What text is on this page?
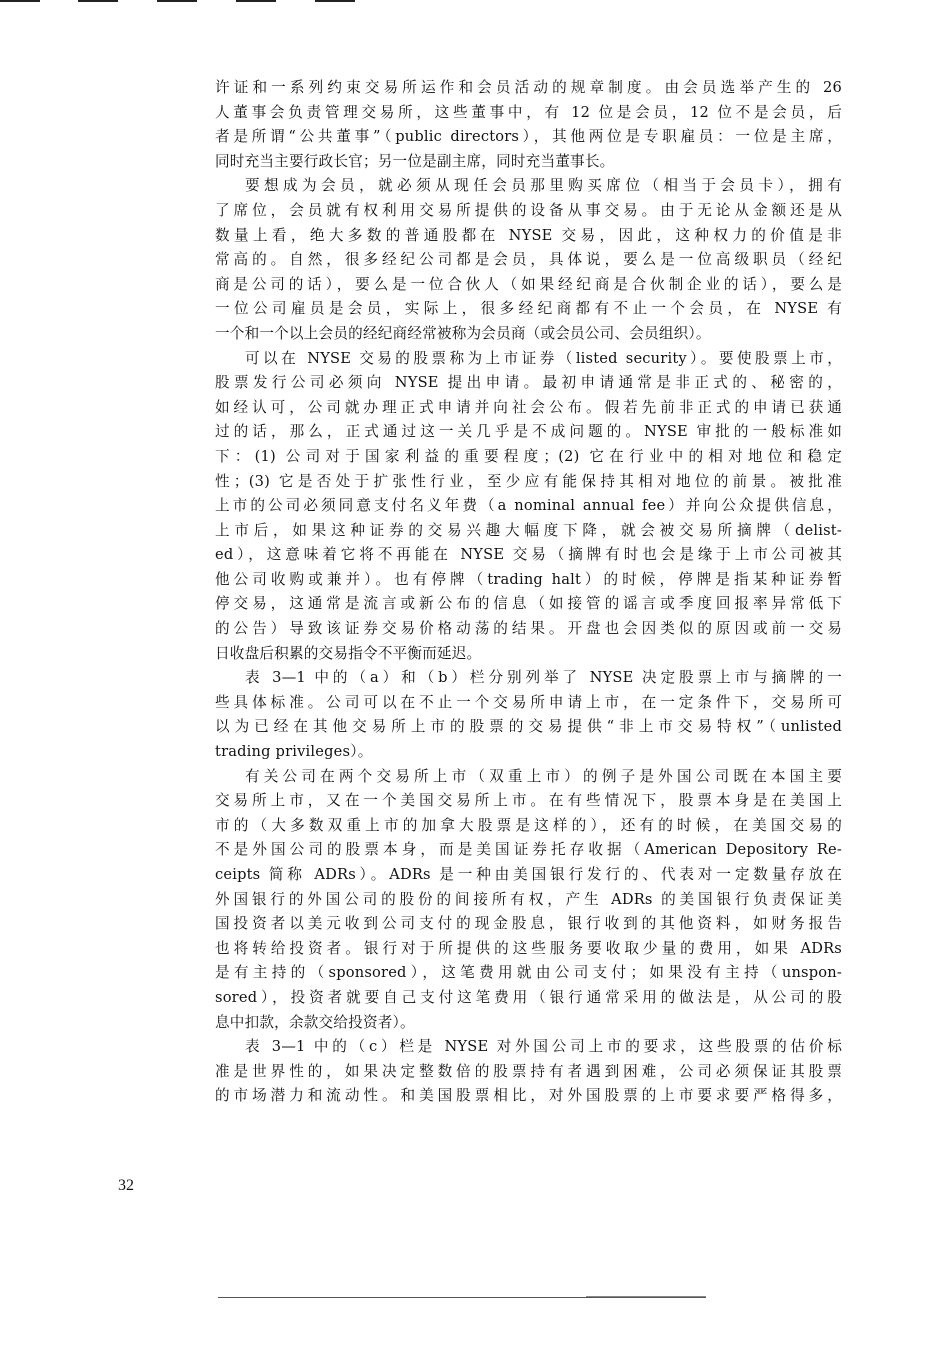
许证和一系列约束交易所运作和会员活动的规章制度。由会员选举产生的 26
人董事会负责管理交易所，这些董事中，有 12 位是会员，12 位不是会员，后
者是所谓“公共董事”（public directors），其他两位是专职雇员：一位是主席，
同时充当主要行政长官；另一位是副主席，同时充当董事长。
要想成为会员，就必须从现任会员那里购买席位（相当于会员卡），拥有
了席位，会员就有权利用交易所提供的设备从事交易。由于无论从金额还是从
数量上看，绝大多数的普通股都在 NYSE 交易，因此，这种权力的价值是非
常高的。自然，很多经纪公司都是会员，具体说，要么是一位高级职员（经纪
商是公司的话），要么是一位合伙人（如果经纪商是合伙制企业的话），要么是
一位公司雇员是会员，实际上，很多经纪商都有不止一个会员，在 NYSE 有
一个和一个以上会员的经纪商经常被称为会员商（或会员公司、会员组织）。
可以在 NYSE 交易的股票称为上市证券（listed security）。要使股票上市，
股票发行公司必须向 NYSE 提出申请。最初申请通常是非正式的、秘密的，
如经认可，公司就办理正式申请并向社会公布。假若先前非正式的申请已获通
过的话，那么，正式通过这一关几乎是不成问题的。NYSE 审批的一般标准如
下：(1) 公司对于国家利益的重要程度；(2) 它在行业中的相对地位和稳定
性；(3) 它是否处于扩张性行业，至少应有能保持其相对地位的前景。被批准
上市的公司必须同意支付名义年费（a nominal annual fee）并向公众提供信息，
上市后，如果这种证券的交易兴趣大幅度下降，就会被交易所摘牌（delist-
ed），这意味着它将不再能在 NYSE 交易（摘牌有时也会是缘于上市公司被其
他公司收购或兼并）。也有停牌（trading halt）的时候，停牌是指某种证券暂
停交易，这通常是流言或新公布的信息（如接管的谣言或季度回报率异常低下
的公告）导致该证券交易价格动荡的结果。开盘也会因类似的原因或前一交易
日收盘后积累的交易指令不平衡而延迟。
表 3—1 中的（a）和（b）栏分别列举了 NYSE 决定股票上市与摘牌的一
些具体标准。公司可以在不止一个交易所申请上市，在一定条件下，交易所可
以为已经在其他交易所上市的股票的交易提供“非上市交易特权”（unlisted
trading privileges）。
有关公司在两个交易所上市（双重上市）的例子是外国公司既在本国主要
交易所上市，又在一个美国交易所上市。在有些情况下，股票本身是在美国上
市的（大多数双重上市的加拿大股票是这样的），还有的时候，在美国交易的
不是外国公司的股票本身，而是美国证券托存收据（American Depository Re-
ceipts 简称 ADRs）。ADRs 是一种由美国银行发行的、代表对一定数量存放在
外国银行的外国公司的股份的间接所有权，产生 ADRs 的美国银行负责保证美
国投资者以美元收到公司支付的现金股息，银行收到的其他资料，如财务报告
也将转给投资者。银行对于所提供的这些服务要收取少量的费用，如果 ADRs
是有主持的（sponsored），这笔费用就由公司支付；如果没有主持（unspon-
sored），投资者就要自己支付这笔费用（银行通常采用的做法是，从公司的股
息中扣款，余款交给投资者）。
表 3—1 中的（c）栏是 NYSE 对外国公司上市的要求，这些股票的估价标
准是世界性的，如果决定整数倍的股票持有者遇到困难，公司必须保证其股票
的市场潜力和流动性。和美国股票相比，对外国股票的上市要求要严格得多，
32
